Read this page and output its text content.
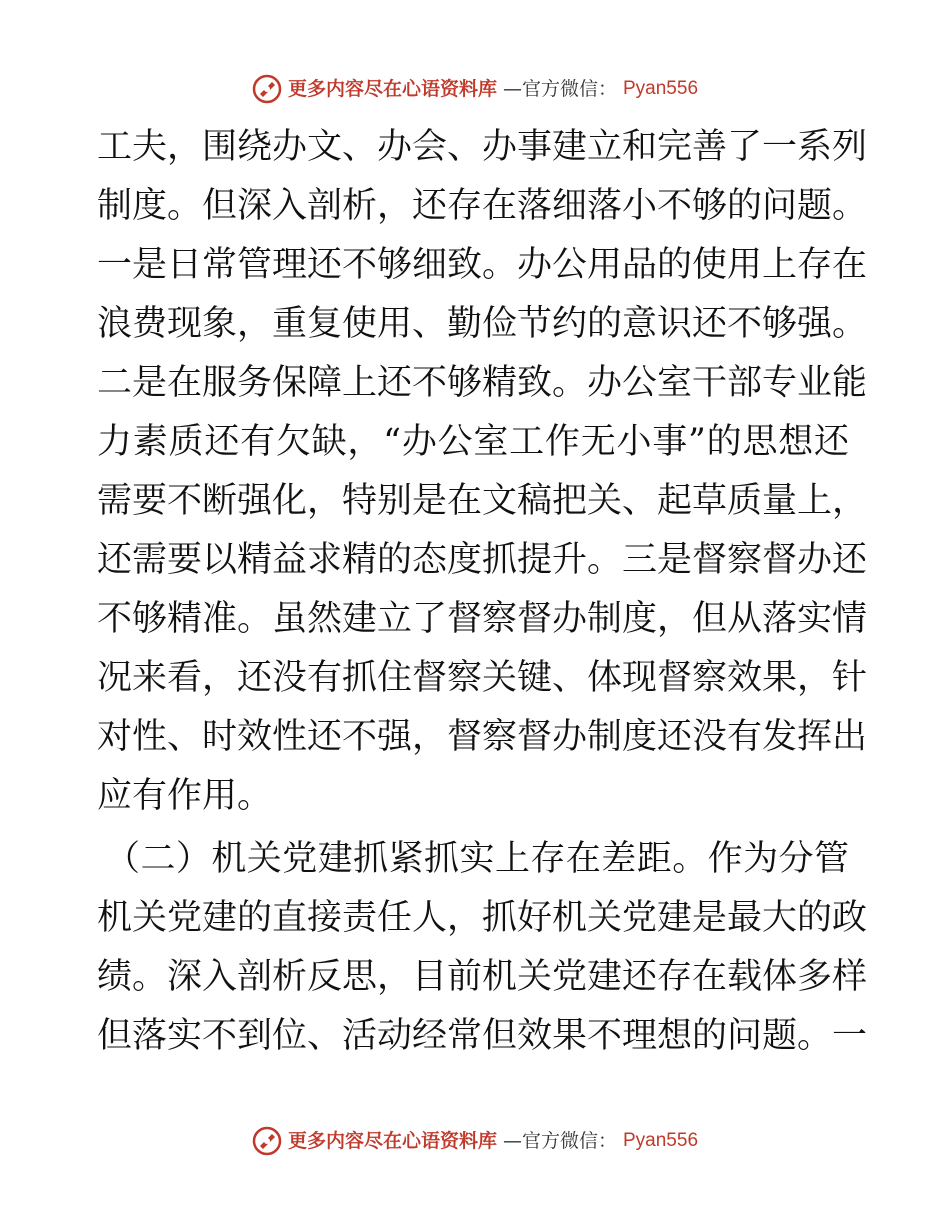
更多内容尽在心语资料库 —官方微信： Pyan556
工夫，围绕办文、办会、办事建立和完善了一系列
制度。但深入剖析，还存在落细落小不够的问题。
一是日常管理还不够细致。办公用品的使用上存在
浪费现象，重复使用、勤俭节约的意识还不够强。
二是在服务保障上还不够精致。办公室干部专业能
力素质还有欠缺，“办公室工作无小事”的思想还
需要不断强化，特别是在文稿把关、起草质量上，
还需要以精益求精的态度抓提升。三是督察督办还
不够精准。虽然建立了督察督办制度，但从落实情
况来看，还没有抓住督察关键、体现督察效果，针
对性、时效性还不强，督察督办制度还没有发挥出
应有作用。
（二）机关党建抓紧抓实上存在差距。作为分管
机关党建的直接责任人，抓好机关党建是最大的政
绩。深入剖析反思，目前机关党建还存在载体多样
但落实不到位、活动经常但效果不理想的问题。一
更多内容尽在心语资料库 —官方微信： Pyan556
